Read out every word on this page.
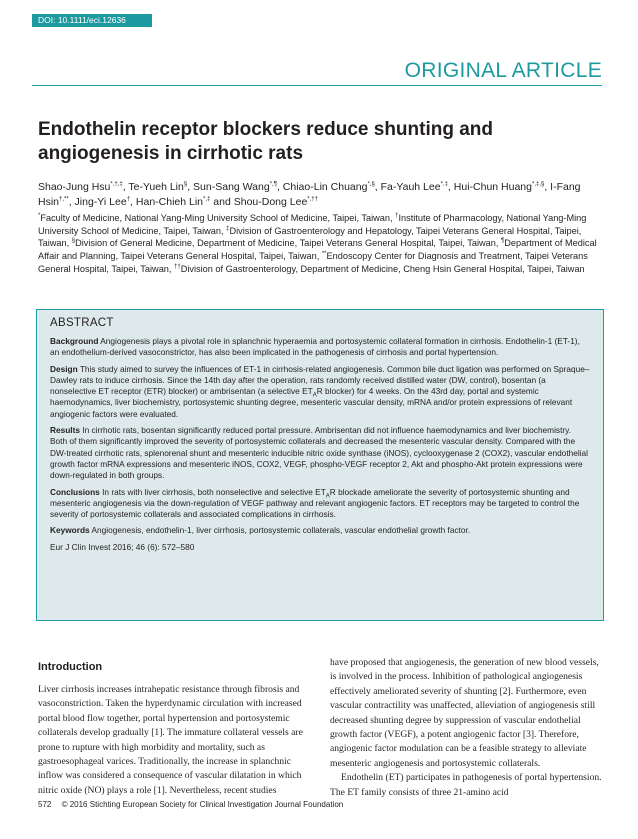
DOI: 10.1111/eci.12636
ORIGINAL ARTICLE
Endothelin receptor blockers reduce shunting and angiogenesis in cirrhotic rats

Shao-Jung Hsu*,†,‡, Te-Yueh Lin§, Sun-Sang Wang*,¶, Chiao-Lin Chuang*,§, Fa-Yauh Lee*,‡, Hui-Chun Huang*,‡,§, I-Fang Hsin†,**, Jing-Yi Lee†, Han-Chieh Lin*,‡ and Shou-Dong Lee*,††

*Faculty of Medicine, National Yang-Ming University School of Medicine, Taipei, Taiwan, †Institute of Pharmacology, National Yang-Ming University School of Medicine, Taipei, Taiwan, ‡Division of Gastroenterology and Hepatology, Taipei Veterans General Hospital, Taipei, Taiwan, §Division of General Medicine, Department of Medicine, Taipei Veterans General Hospital, Taipei, Taiwan, ¶Department of Medical Affair and Planning, Taipei Veterans General Hospital, Taipei, Taiwan, **Endoscopy Center for Diagnosis and Treatment, Taipei Veterans General Hospital, Taipei, Taiwan, ††Division of Gastroenterology, Department of Medicine, Cheng Hsin General Hospital, Taipei, Taiwan

ABSTRACT

Background Angiogenesis plays a pivotal role in splanchnic hyperaemia and portosystemic collateral formation in cirrhosis. Endothelin-1 (ET-1), an endothelium-derived vasoconstrictor, has also been implicated in the pathogenesis of cirrhosis and portal hypertension.

Design This study aimed to survey the influences of ET-1 in cirrhosis-related angiogenesis. Common bile duct ligation was performed on Spraque–Dawley rats to induce cirrhosis. Since the 14th day after the operation, rats randomly received distilled water (DW, control), bosentan (a nonselective ET receptor (ETR) blocker) or ambrisentan (a selective $ET_AR$ blocker) for 4 weeks. On the 43rd day, portal and systemic haemodynamics, liver biochemistry, portosystemic shunting degree, mesenteric vascular density, mRNA and/or protein expressions of relevant angiogenic factors were evaluated.

Results In cirrhotic rats, bosentan significantly reduced portal pressure. Ambrisentan did not influence haemodynamics and liver biochemistry. Both of them significantly improved the severity of portosystemic collaterals and decreased the mesenteric vascular density. Compared with the DW-treated cirrhotic rats, splenorenal shunt and mesenteric inducible nitric oxide synthase (iNOS), cyclooxygenase 2 (COX2), vascular endothelial growth factor mRNA expressions and mesenteric iNOS, COX2, VEGF, phospho-VEGF receptor 2, Akt and phospho-Akt protein expressions were down-regulated in both groups.

Conclusions In rats with liver cirrhosis, both nonselective and selective $ET_AR$ blockade ameliorate the severity of portosystemic shunting and mesenteric angiogenesis via the down-regulation of VEGF pathway and relevant angiogenic factors. ET receptors may be targeted to control the severity of portosystemic collaterals and associated complications in cirrhosis.

Keywords Angiogenesis, endothelin-1, liver cirrhosis, portosystemic collaterals, vascular endothelial growth factor.

Eur J Clin Invest 2016; 46 (6): 572–580

Introduction

Liver cirrhosis increases intrahepatic resistance through fibrosis and vasoconstriction. Taken the hyperdynamic circulation with increased portal blood flow together, portal hypertension and portosystemic collaterals develop gradually [1]. The immature collateral vessels are prone to rupture with high morbidity and mortality, such as gastroesophageal varices. Traditionally, the increase in splanchnic inflow was considered a consequence of vascular dilatation in which nitric oxide (NO) plays a role [1]. Nevertheless, recent studies

have proposed that angiogenesis, the generation of new blood vessels, is involved in the process. Inhibition of pathological angiogenesis effectively ameliorated severity of shunting [2]. Furthermore, even vascular contractility was unaffected, alleviation of angiogenesis still decreased shunting degree by suppression of vascular endothelial growth factor (VEGF), a potent angiogenic factor [3]. Therefore, angiogenic factor modulation can be a feasible strategy to alleviate mesenteric angiogenesis and portosystemic collaterals.

Endothelin (ET) participates in pathogenesis of portal hypertension. The ET family consists of three 21-amino acid

572 © 2016 Stichting European Society for Clinical Investigation Journal Foundation
